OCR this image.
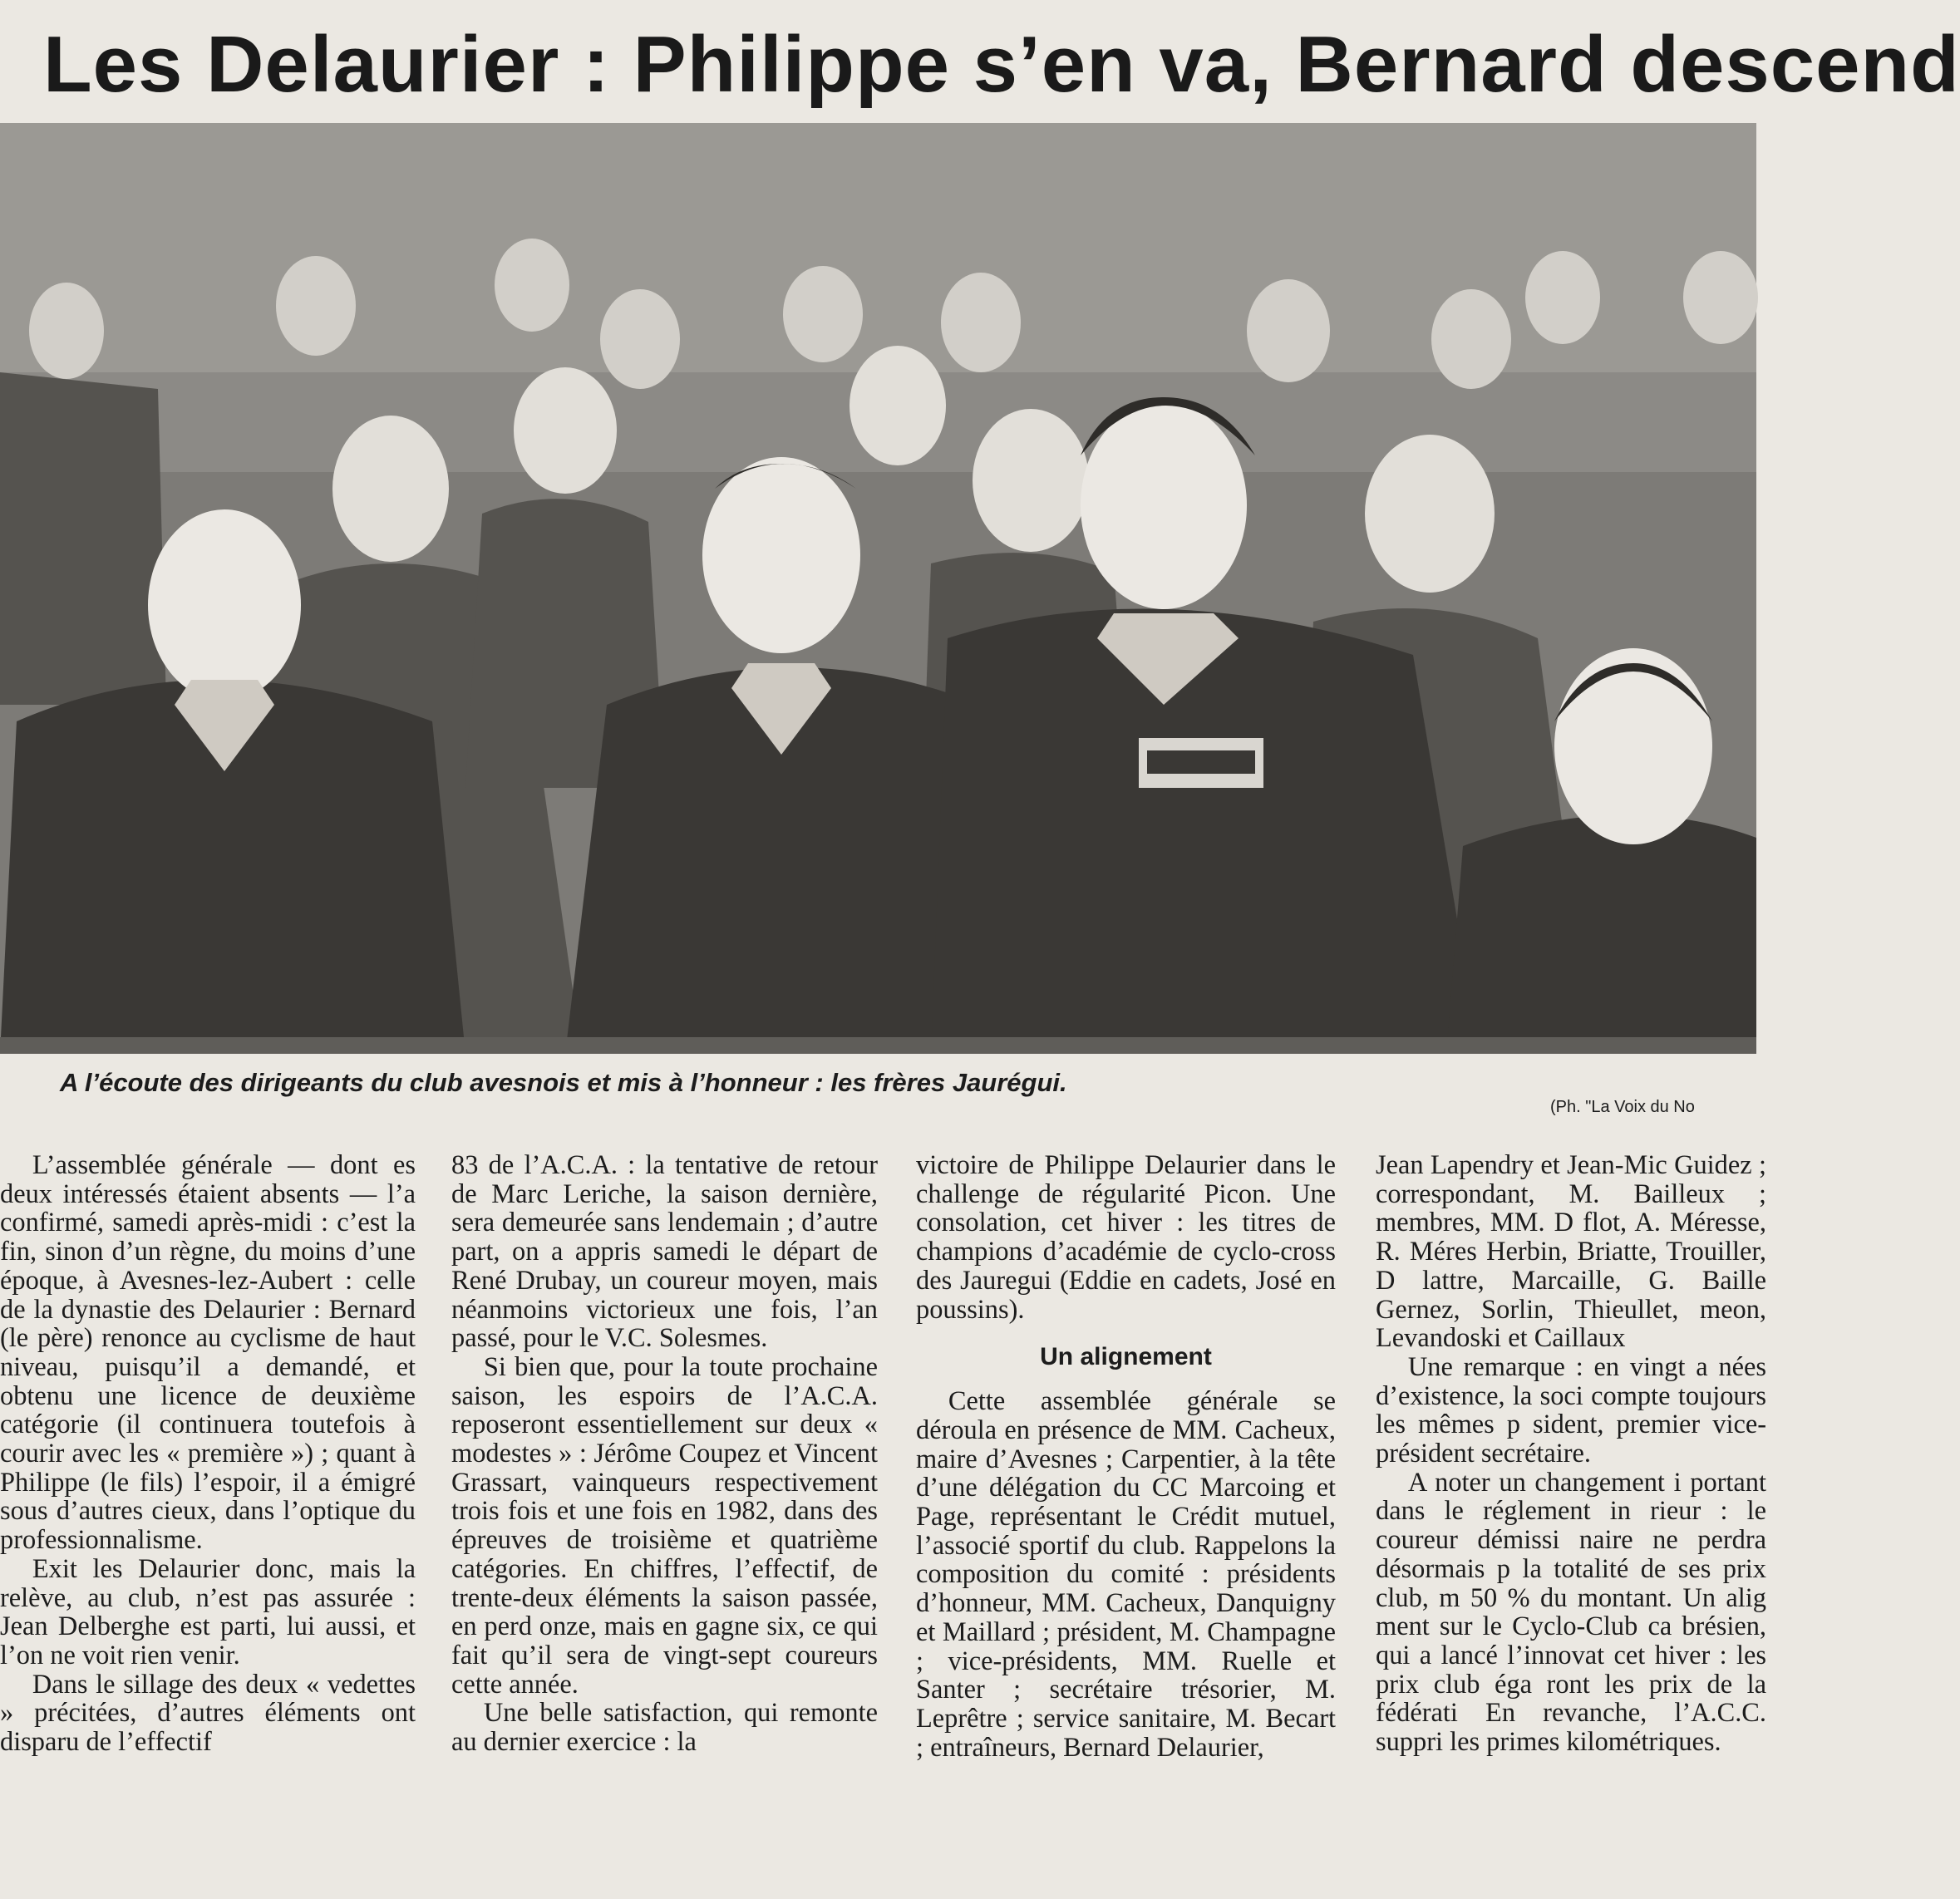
Les Delaurier : Philippe s’en va, Bernard descend
A l’écoute des dirigeants du club avesnois et mis à l’honneur : les frères Jaurégui.
(Ph. "La Voix du No

L’assemblée générale — dont es deux intéressés étaient absents — l’a confirmé, samedi après-midi : c’est la fin, sinon d’un règne, du moins d’une époque, à Avesnes-lez-Aubert : celle de la dynastie des Delaurier : Bernard (le père) renonce au cyclisme de haut niveau, puisqu’il a demandé, et obtenu une licence de deuxième catégorie (il continuera toutefois à courir avec les « première ») ; quant à Philippe (le fils) l’espoir, il a émigré sous d’autres cieux, dans l’optique du professionnalisme.

Exit les Delaurier donc, mais la relève, au club, n’est pas assurée : Jean Delberghe est parti, lui aussi, et l’on ne voit rien venir.

Dans le sillage des deux « vedettes » précitées, d’autres éléments ont disparu de l’effectif

83 de l’A.C.A. : la tentative de retour de Marc Leriche, la saison dernière, sera demeurée sans lendemain ; d’autre part, on a appris samedi le départ de René Drubay, un coureur moyen, mais néanmoins victorieux une fois, l’an passé, pour le V.C. Solesmes.

Si bien que, pour la toute prochaine saison, les espoirs de l’A.C.A. reposeront essentiellement sur deux « modestes » : Jérôme Coupez et Vincent Grassart, vainqueurs respectivement trois fois et une fois en 1982, dans des épreuves de troisième et quatrième catégories. En chiffres, l’effectif, de trente-deux éléments la saison passée, en perd onze, mais en gagne six, ce qui fait qu’il sera de vingt-sept coureurs cette année.

Une belle satisfaction, qui remonte au dernier exercice : la

victoire de Philippe Delaurier dans le challenge de régularité Picon. Une consolation, cet hiver : les titres de champions d’académie de cyclo-cross des Jauregui (Eddie en cadets, José en poussins).

Un alignement

Cette assemblée générale se déroula en présence de MM. Cacheux, maire d’Avesnes ; Carpentier, à la tête d’une délégation du CC Marcoing et Page, représentant le Crédit mutuel, l’associé sportif du club. Rappelons la composition du comité : présidents d’honneur, MM. Cacheux, Danquigny et Maillard ; président, M. Champagne ; vice-présidents, MM. Ruelle et Santer ; secrétaire trésorier, M. Leprêtre ; service sanitaire, M. Becart ; entraîneurs, Bernard Delaurier,

Jean Lapendry et Jean-Mic Guidez ; correspondant, M. Bailleux ; membres, MM. D flot, A. Méresse, R. Méres Herbin, Briatte, Trouiller, D lattre, Marcaille, G. Baille Gernez, Sorlin, Thieullet, meon, Levandoski et Caillaux

Une remarque : en vingt a nées d’existence, la soci compte toujours les mêmes p sident, premier vice-président secrétaire.

A noter un changement i portant dans le réglement in rieur : le coureur démissi naire ne perdra désormais p la totalité de ses prix club, m 50 % du montant. Un alig ment sur le Cyclo-Club ca brésien, qui a lancé l’innovat cet hiver : les prix club éga ront les prix de la fédérati En revanche, l’A.C.C. suppri les primes kilométriques.
